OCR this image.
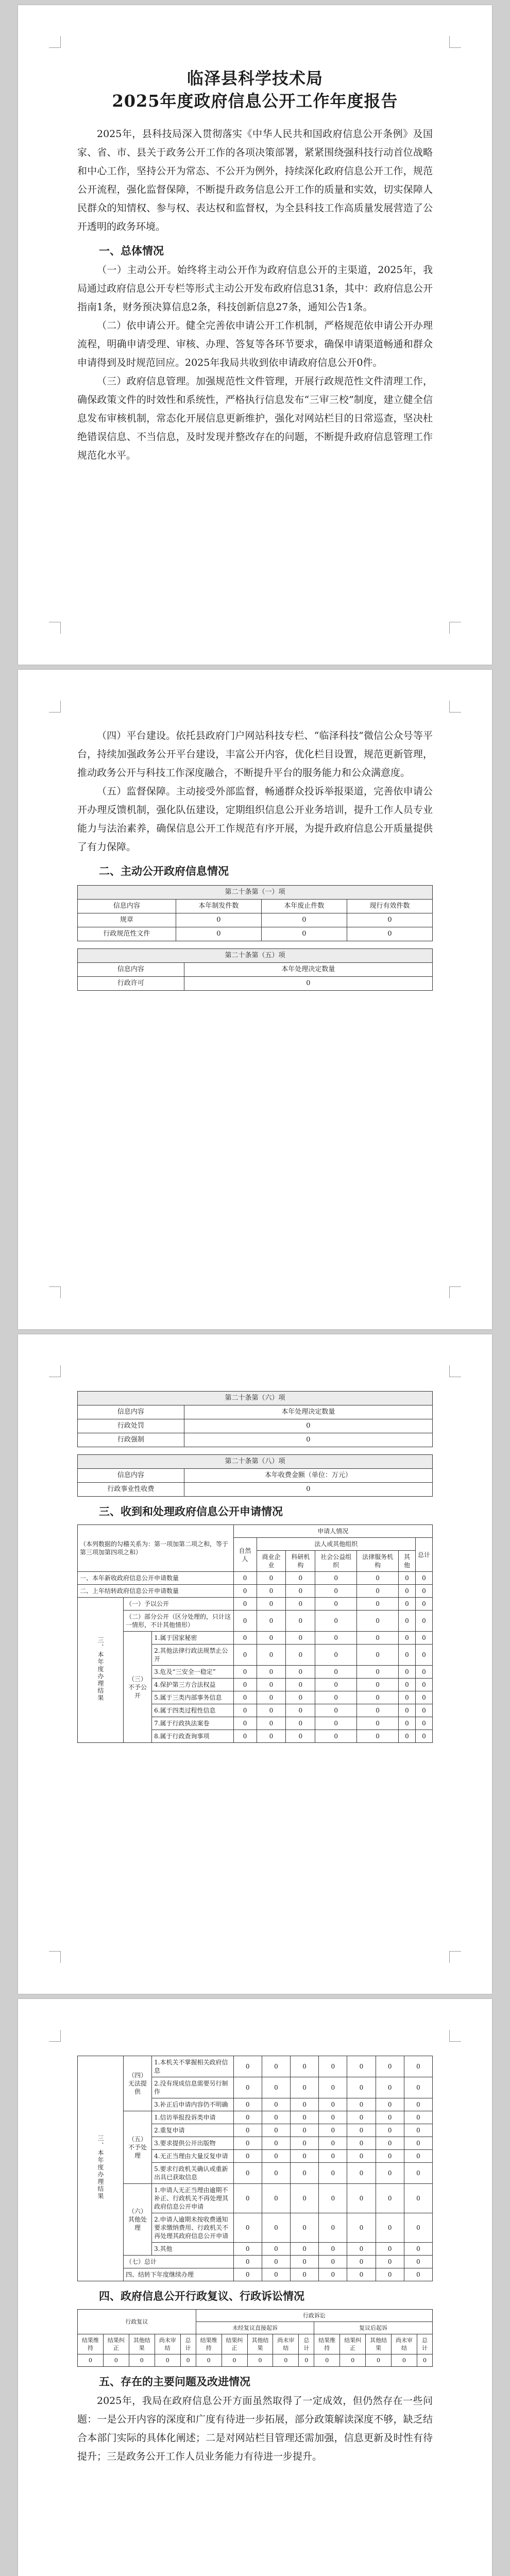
临泽县科学技术局
2025年度政府信息公开工作年度报告

2025年，县科技局深入贯彻落实《中华人民共和国政府信息公开条例》及国家、省、市、县关于政务公开工作的各项决策部署，紧紧围绕强科技行动首位战略和中心工作，坚持公开为常态、不公开为例外，持续深化政府信息公开工作，规范公开流程，强化监督保障，不断提升政务信息公开工作的质量和实效，切实保障人民群众的知情权、参与权、表达权和监督权，为全县科技工作高质量发展营造了公开透明的政务环境。

一、总体情况

（一）主动公开。始终将主动公开作为政府信息公开的主渠道，2025年，我局通过政府信息公开专栏等形式主动公开发布政府信息31条，其中：政府信息公开指南1条，财务预决算信息2条，科技创新信息27条，通知公告1条。

（二）依申请公开。健全完善依申请公开工作机制，严格规范依申请公开办理流程，明确申请受理、审核、办理、答复等各环节要求，确保申请渠道畅通和群众申请得到及时规范回应。2025年我局共收到依申请政府信息公开0件。

（三）政府信息管理。加强规范性文件管理，开展行政规范性文件清理工作，确保政策文件的时效性和系统性，严格执行信息发布“三审三校”制度，建立健全信息发布审核机制，常态化开展信息更新维护，强化对网站栏目的日常巡查，坚决杜绝错误信息、不当信息，及时发现并整改存在的问题，不断提升政府信息管理工作规范化水平。

（四）平台建设。依托县政府门户网站科技专栏、“临泽科技”微信公众号等平台，持续加强政务公开平台建设，丰富公开内容，优化栏目设置，规范更新管理，推动政务公开与科技工作深度融合，不断提升平台的服务能力和公众满意度。

（五）监督保障。主动接受外部监督，畅通群众投诉举报渠道，完善依申请公开办理反馈机制，强化队伍建设，定期组织信息公开业务培训，提升工作人员专业能力与法治素养，确保信息公开工作规范有序开展，为提升政府信息公开质量提供了有力保障。

二、主动公开政府信息情况
第二十条第（一）项			
信息内容	本年制发件数	本年废止件数	现行有效件数
规章	0	0	0
行政规范性文件	0	0	0
第二十条第（五）项	
信息内容	本年处理决定数量
行政许可	0
第二十条第（六）项	
信息内容	本年处理决定数量
行政处罚	0
行政强制	0
第二十条第（八）项	
信息内容	本年收费金额（单位：万元）
行政事业性收费	0
三、收到和处理政府信息公开申请情况
（本列数据的勾稽关系为：第一项加第二项之和，等于第三项加第四项之和）			申请人情况						
			自然人	法人或其他组织					总计
				商业企业	科研机构	社会公益组织	法律服务机构	其他	
一、本年新收政府信息公开申请数量			0	0	0	0	0	0	0
二、上年结转政府信息公开申请数量			0	0	0	0	0	0	0
三、本年度办理结果	（一）予以公开		0	0	0	0	0	0	0
	（二）部分公开（区分处理的，只计这一情形，不计其他情形）		0	0	0	0	0	0	0
	（三）不予公开	1.属于国家秘密	0	0	0	0	0	0	0
		2.其他法律行政法规禁止公开	0	0	0	0	0	0	0
		3.危及“三安全一稳定”	0	0	0	0	0	0	0
		4.保护第三方合法权益	0	0	0	0	0	0	0
		5.属于三类内部事务信息	0	0	0	0	0	0	0
		6.属于四类过程性信息	0	0	0	0	0	0	0
		7.属于行政执法案卷	0	0	0	0	0	0	0
		8.属于行政查询事项	0	0	0	0	0	0	0
三、本年度办理结果	（四）无法提供	1.本机关不掌握相关政府信息	0	0	0	0	0	0	0
		2.没有现成信息需要另行制作	0	0	0	0	0	0	0
		3.补正后申请内容仍不明确	0	0	0	0	0	0	0
	（五）不予处理	1.信访举报投诉类申请	0	0	0	0	0	0	0
		2.重复申请	0	0	0	0	0	0	0
		3.要求提供公开出版物	0	0	0	0	0	0	0
		4.无正当理由大量反复申请	0	0	0	0	0	0	0
		5.要求行政机关确认或重新出具已获取信息	0	0	0	0	0	0	0
	（六）其他处理	1.申请人无正当理由逾期不补正、行政机关不再处理其政府信息公开申请	0	0	0	0	0	0	0
		2.申请人逾期未按收费通知要求缴纳费用、行政机关不再处理其政府信息公开申请	0	0	0	0	0	0	0
		3.其他	0	0	0	0	0	0	0
	（七）总计		0	0	0	0	0	0	0
	四、结转下年度继续办理		0	0	0	0	0	0	0
四、政府信息公开行政复议、行政诉讼情况
行政复议					行政诉讼									
					未经复议直接起诉					复议后起诉				
结果维持	结果纠正	其他结果	尚未审结	总计	结果维持	结果纠正	其他结果	尚未审结	总计	结果维持	结果纠正	其他结果	尚未审结	总计
0	0	0	0	0	0	0	0	0	0	0	0	0	0	0
五、存在的主要问题及改进情况

2025年，我局在政府信息公开方面虽然取得了一定成效，但仍然存在一些问题：一是公开内容的深度和广度有待进一步拓展，部分政策解读深度不够，缺乏结合本部门实际的具体化阐述；二是对网站栏目管理还需加强，信息更新及时性有待提升；三是政务公开工作人员业务能力有待进一步提升。
